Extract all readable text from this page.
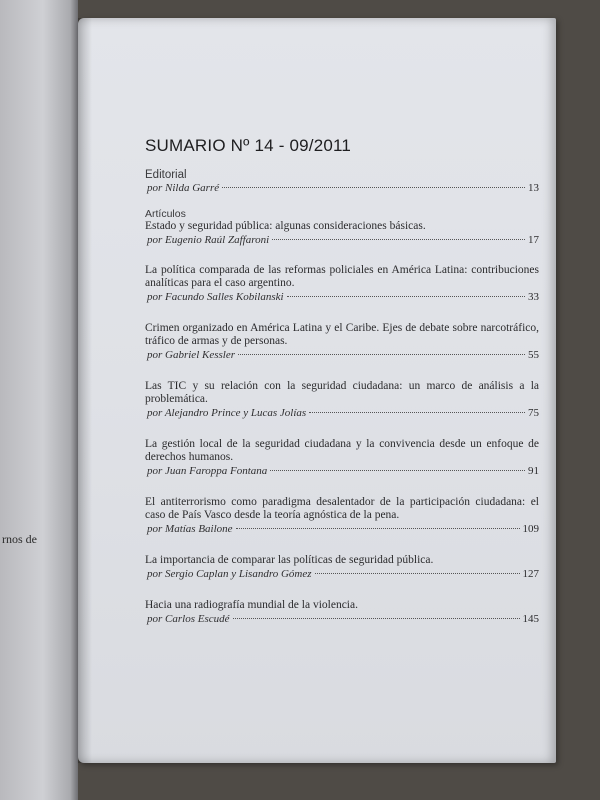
rnos de
SUMARIO Nº 14 - 09/2011
Editorial
por Nilda Garré	13
Artículos
Estado y seguridad pública: algunas consideraciones básicas.
por Eugenio Raúl Zaffaroni	17
La política comparada de las reformas policiales en América Latina: contribuciones analíticas para el caso argentino.
por Facundo Salles Kobilanski	33
Crimen organizado en América Latina y el Caribe. Ejes de debate sobre narcotráfico, tráfico de armas y de personas.
por Gabriel Kessler	55
Las TIC y su relación con la seguridad ciudadana: un marco de análisis a la problemática.
por Alejandro Prince y Lucas Jolías	75
La gestión local de la seguridad ciudadana y la convivencia desde un enfoque de derechos humanos.
por Juan Faroppa Fontana	91
El antiterrorismo como paradigma desalentador de la participación ciudadana: el caso de País Vasco desde la teoría agnóstica de la pena.
por Matías Bailone	109
La importancia de comparar las políticas de seguridad pública.
por Sergio Caplan y Lisandro Gómez	127
Hacia una radiografía mundial de la violencia.
por Carlos Escudé	145
